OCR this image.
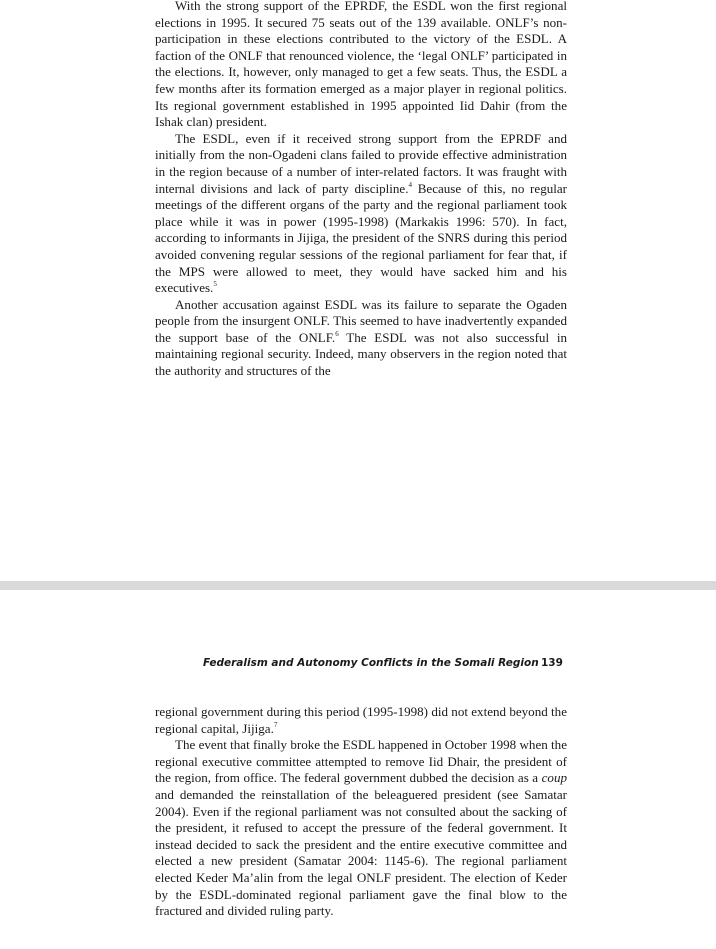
With the strong support of the EPRDF, the ESDL won the first regional elections in 1995. It secured 75 seats out of the 139 available. ONLF’s non-participation in these elections contributed to the victory of the ESDL. A faction of the ONLF that renounced violence, the ‘legal ONLF’ participated in the elections. It, however, only managed to get a few seats. Thus, the ESDL a few months after its formation emerged as a major player in regional politics. Its regional government established in 1995 appointed Iid Dahir (from the Ishak clan) president.

The ESDL, even if it received strong support from the EPRDF and initially from the non-Ogadeni clans failed to provide effective administration in the region because of a number of inter-related factors. It was fraught with internal divisions and lack of party discipline.$^4$ Because of this, no regular meetings of the different organs of the party and the regional parliament took place while it was in power (1995-1998) (Markakis 1996: 570). In fact, according to informants in Jijiga, the president of the SNRS during this period avoided convening regular sessions of the regional parliament for fear that, if the MPS were allowed to meet, they would have sacked him and his executives.$^5$

Another accusation against ESDL was its failure to separate the Ogaden people from the insurgent ONLF. This seemed to have inadvertently expanded the support base of the ONLF.$^6$ The ESDL was not also successful in maintaining regional security. Indeed, many observers in the region noted that the authority and structures of the

Federalism and Autonomy Conflicts in the Somali Region 139

regional government during this period (1995-1998) did not extend beyond the regional capital, Jijiga.$^7$

The event that finally broke the ESDL happened in October 1998 when the regional executive committee attempted to remove Iid Dhair, the president of the region, from office. The federal government dubbed the decision as a coup and demanded the reinstallation of the beleaguered president (see Samatar 2004). Even if the regional parliament was not consulted about the sacking of the president, it refused to accept the pressure of the federal government. It instead decided to sack the president and the entire executive committee and elected a new president (Samatar 2004: 1145-6). The regional parliament elected Keder Ma’alin from the legal ONLF president. The election of Keder by the ESDL-dominated regional parliament gave the final blow to the fractured and divided ruling party.
